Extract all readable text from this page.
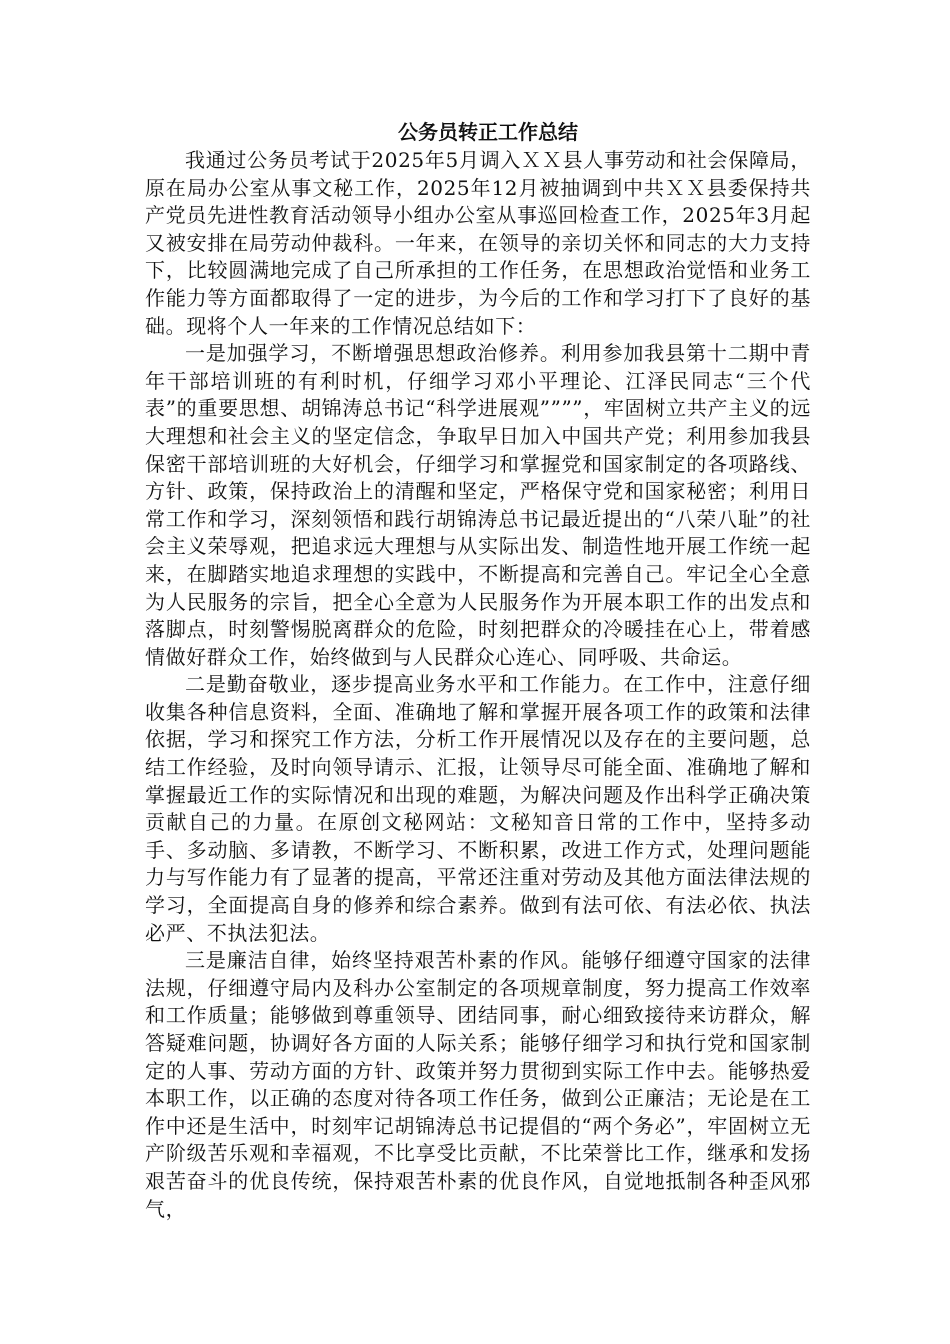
公务员转正工作总结

我通过公务员考试于2025年5月调入ＸＸ县人事劳动和社会保障局，原在局办公室从事文秘工作，2025年12月被抽调到中共ＸＸ县委保持共产党员先进性教育活动领导小组办公室从事巡回检查工作，2025年3月起又被安排在局劳动仲裁科。一年来，在领导的亲切关怀和同志的大力支持下，比较圆满地完成了自己所承担的工作任务，在思想政治觉悟和业务工作能力等方面都取得了一定的进步，为今后的工作和学习打下了良好的基础。现将个人一年来的工作情况总结如下：

一是加强学习，不断增强思想政治修养。利用参加我县第十二期中青年干部培训班的有利时机，仔细学习邓小平理论、江泽民同志“三个代表”的重要思想、胡锦涛总书记“科学进展观””””，牢固树立共产主义的远大理想和社会主义的坚定信念，争取早日加入中国共产党；利用参加我县保密干部培训班的大好机会，仔细学习和掌握党和国家制定的各项路线、方针、政策，保持政治上的清醒和坚定，严格保守党和国家秘密；利用日常工作和学习，深刻领悟和践行胡锦涛总书记最近提出的“八荣八耻”的社会主义荣辱观，把追求远大理想与从实际出发、制造性地开展工作统一起来，在脚踏实地追求理想的实践中，不断提高和完善自己。牢记全心全意为人民服务的宗旨，把全心全意为人民服务作为开展本职工作的出发点和落脚点，时刻警惕脱离群众的危险，时刻把群众的冷暖挂在心上，带着感情做好群众工作，始终做到与人民群众心连心、同呼吸、共命运。

二是勤奋敬业，逐步提高业务水平和工作能力。在工作中，注意仔细收集各种信息资料，全面、准确地了解和掌握开展各项工作的政策和法律依据，学习和探究工作方法，分析工作开展情况以及存在的主要问题，总结工作经验，及时向领导请示、汇报，让领导尽可能全面、准确地了解和掌握最近工作的实际情况和出现的难题，为解决问题及作出科学正确决策贡献自己的力量。在原创文秘网站：文秘知音日常的工作中，坚持多动手、多动脑、多请教，不断学习、不断积累，改进工作方式，处理问题能力与写作能力有了显著的提高，平常还注重对劳动及其他方面法律法规的学习，全面提高自身的修养和综合素养。做到有法可依、有法必依、执法必严、不执法犯法。

三是廉洁自律，始终坚持艰苦朴素的作风。能够仔细遵守国家的法律法规，仔细遵守局内及科办公室制定的各项规章制度，努力提高工作效率和工作质量；能够做到尊重领导、团结同事，耐心细致接待来访群众，解答疑难问题，协调好各方面的人际关系；能够仔细学习和执行党和国家制定的人事、劳动方面的方针、政策并努力贯彻到实际工作中去。能够热爱本职工作，以正确的态度对待各项工作任务，做到公正廉洁；无论是在工作中还是生活中，时刻牢记胡锦涛总书记提倡的“两个务必”，牢固树立无产阶级苦乐观和幸福观，不比享受比贡献，不比荣誉比工作，继承和发扬艰苦奋斗的优良传统，保持艰苦朴素的优良作风，自觉地抵制各种歪风邪气，
